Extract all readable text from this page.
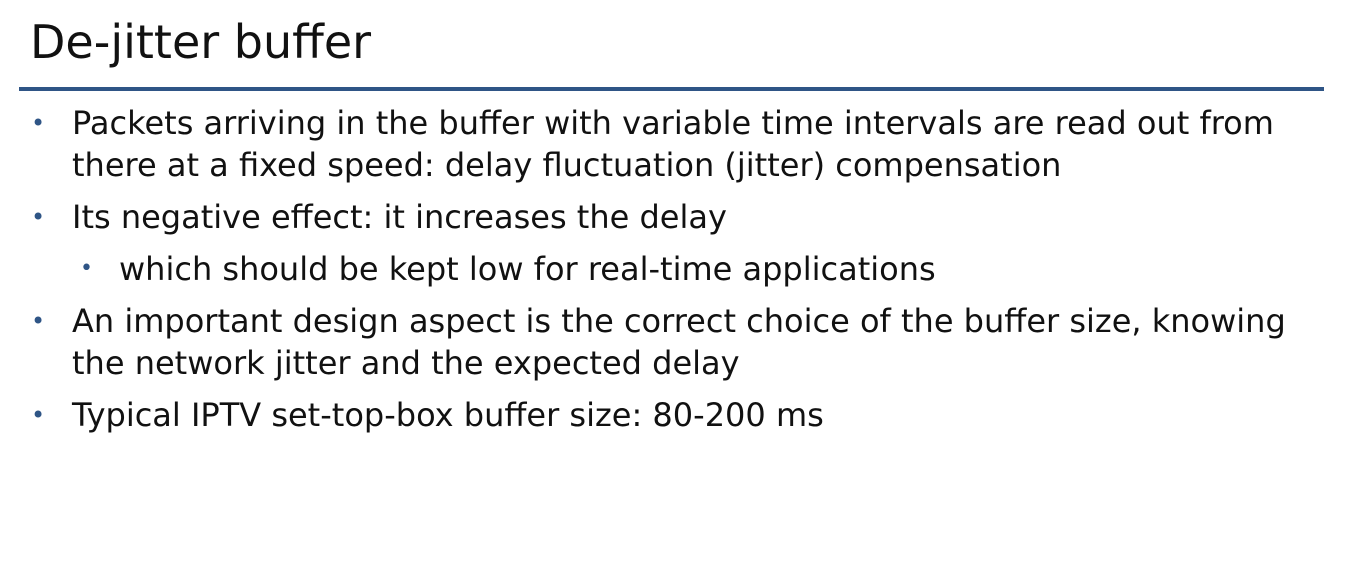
De-jitter buffer
• Packets arriving in the buffer with variable time intervals are read out from there at a fixed speed: delay fluctuation (jitter) compensation
• Its negative effect: it increases the delay
• which should be kept low for real-time applications
• An important design aspect is the correct choice of the buffer size, knowing the network jitter and the expected delay
• Typical IPTV set-top-box buffer size: 80-200 ms
